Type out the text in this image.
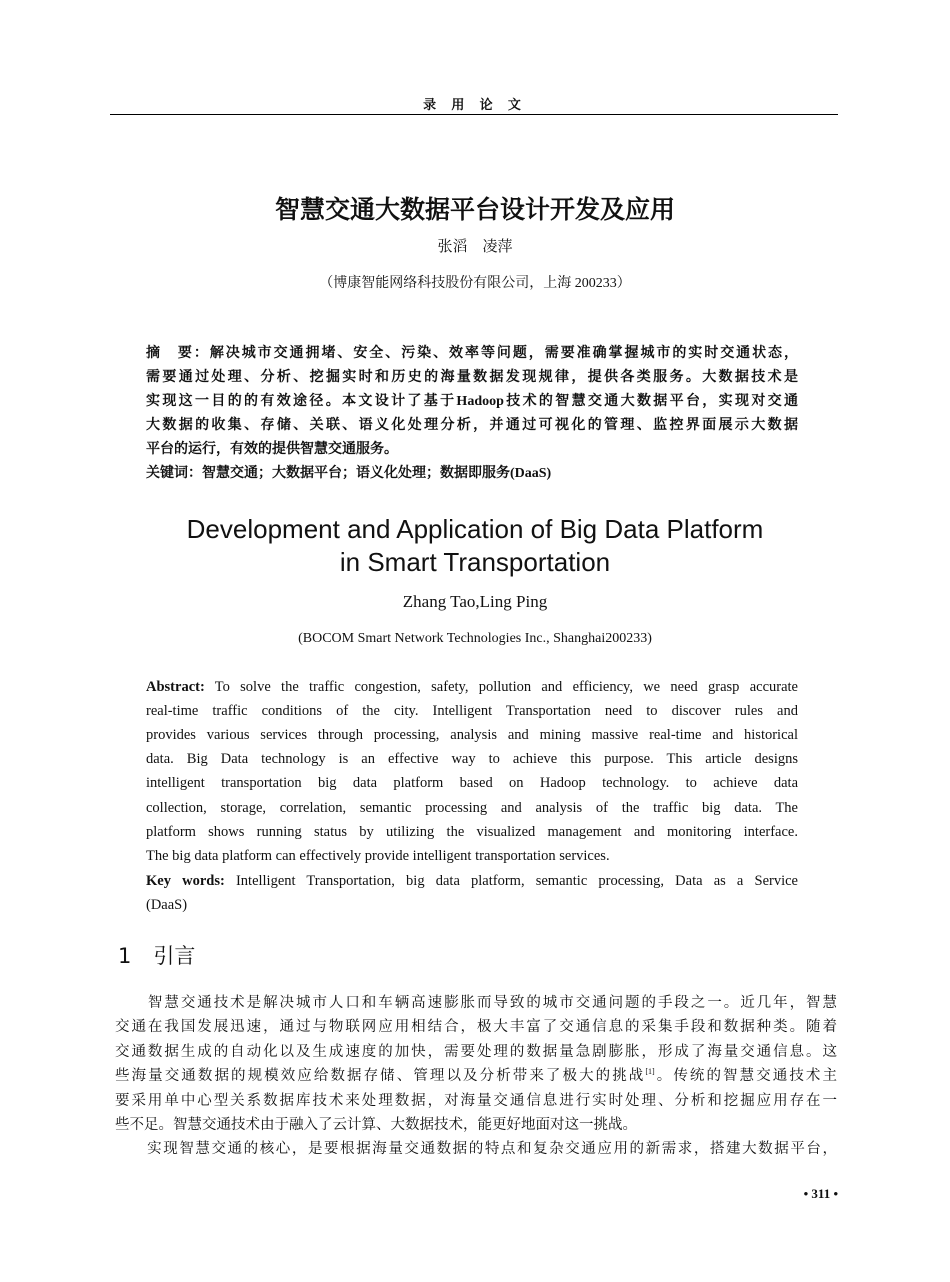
录 用 论 文
智慧交通大数据平台设计开发及应用
张滔　凌萍
（博康智能网络科技股份有限公司，上海 200233）
摘　要：解决城市交通拥堵、安全、污染、效率等问题，需要准确掌握城市的实时交通状态，
需要通过处理、分析、挖掘实时和历史的海量数据发现规律，提供各类服务。大数据技术是
实现这一目的的有效途径。本文设计了基于Hadoop技术的智慧交通大数据平台，实现对交通
大数据的收集、存储、关联、语义化处理分析，并通过可视化的管理、监控界面展示大数据
平台的运行，有效的提供智慧交通服务。
关键词：智慧交通；大数据平台；语义化处理；数据即服务(DaaS)
Development and Application of Big Data Platform
in Smart Transportation
Zhang Tao,Ling Ping
(BOCOM Smart Network Technologies Inc., Shanghai200233)
Abstract: To solve the traffic congestion, safety, pollution and efficiency, we need grasp accurate
real-time traffic conditions of the city. Intelligent Transportation need to discover rules and
provides various services through processing, analysis and mining massive real-time and historical
data. Big Data technology is an effective way to achieve this purpose. This article designs
intelligent transportation big data platform based on Hadoop technology. to achieve data
collection, storage, correlation, semantic processing and analysis of the traffic big data. The
platform shows running status by utilizing the visualized management and monitoring interface.
The big data platform can effectively provide intelligent transportation services.
Key words: Intelligent Transportation, big data platform, semantic processing, Data as a Service
(DaaS)
1 引言
　　智慧交通技术是解决城市人口和车辆高速膨胀而导致的城市交通问题的手段之一。近几年，智慧
交通在我国发展迅速，通过与物联网应用相结合，极大丰富了交通信息的采集手段和数据种类。随着
交通数据生成的自动化以及生成速度的加快，需要处理的数据量急剧膨胀，形成了海量交通信息。这
些海量交通数据的规模效应给数据存储、管理以及分析带来了极大的挑战[1]。传统的智慧交通技术主
要采用单中心型关系数据库技术来处理数据，对海量交通信息进行实时处理、分析和挖掘应用存在一
些不足。智慧交通技术由于融入了云计算、大数据技术，能更好地面对这一挑战。
　　实现智慧交通的核心，是要根据海量交通数据的特点和复杂交通应用的新需求，搭建大数据平台，
• 311 •
